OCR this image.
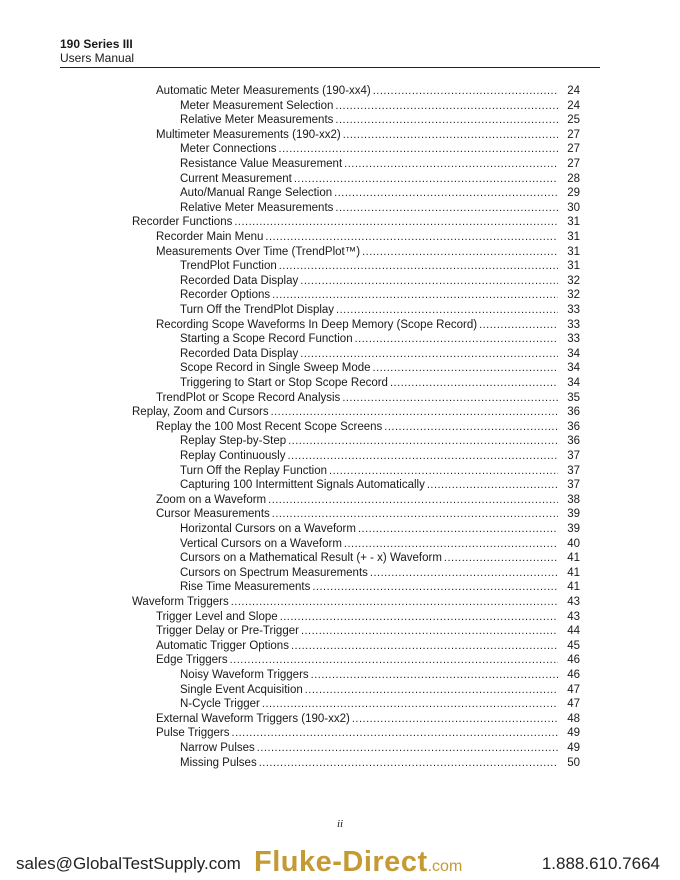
190 Series III
Users Manual
Automatic Meter Measurements (190-xx4) .....	24
Meter Measurement Selection .....	24
Relative Meter Measurements .....	25
Multimeter Measurements (190-xx2) .....	27
Meter Connections .....	27
Resistance Value Measurement .....	27
Current Measurement .....	28
Auto/Manual Range Selection .....	29
Relative Meter Measurements .....	30
Recorder Functions .....	31
Recorder Main Menu .....	31
Measurements Over Time (TrendPlot™) .....	31
TrendPlot Function .....	31
Recorded Data Display .....	32
Recorder Options .....	32
Turn Off the TrendPlot Display .....	33
Recording Scope Waveforms In Deep Memory (Scope Record) .....	33
Starting a Scope Record Function .....	33
Recorded Data Display .....	34
Scope Record in Single Sweep Mode .....	34
Triggering to Start or Stop Scope Record .....	34
TrendPlot or Scope Record Analysis .....	35
Replay, Zoom and Cursors .....	36
Replay the 100 Most Recent Scope Screens .....	36
Replay Step-by-Step .....	36
Replay Continuously .....	37
Turn Off the Replay Function .....	37
Capturing 100 Intermittent Signals Automatically .....	37
Zoom on a Waveform .....	38
Cursor Measurements .....	39
Horizontal Cursors on a Waveform .....	39
Vertical Cursors on a Waveform .....	40
Cursors on a Mathematical Result (+ - x) Waveform .....	41
Cursors on Spectrum Measurements .....	41
Rise Time Measurements .....	41
Waveform Triggers .....	43
Trigger Level and Slope .....	43
Trigger Delay or Pre-Trigger .....	44
Automatic Trigger Options .....	45
Edge Triggers .....	46
Noisy Waveform Triggers .....	46
Single Event Acquisition .....	47
N-Cycle Trigger .....	47
External Waveform Triggers (190-xx2) .....	48
Pulse Triggers .....	49
Narrow Pulses .....	49
Missing Pulses .....	50
ii
sales@GlobalTestSupply.com Fluke-Direct.com	1.888.610.7664
